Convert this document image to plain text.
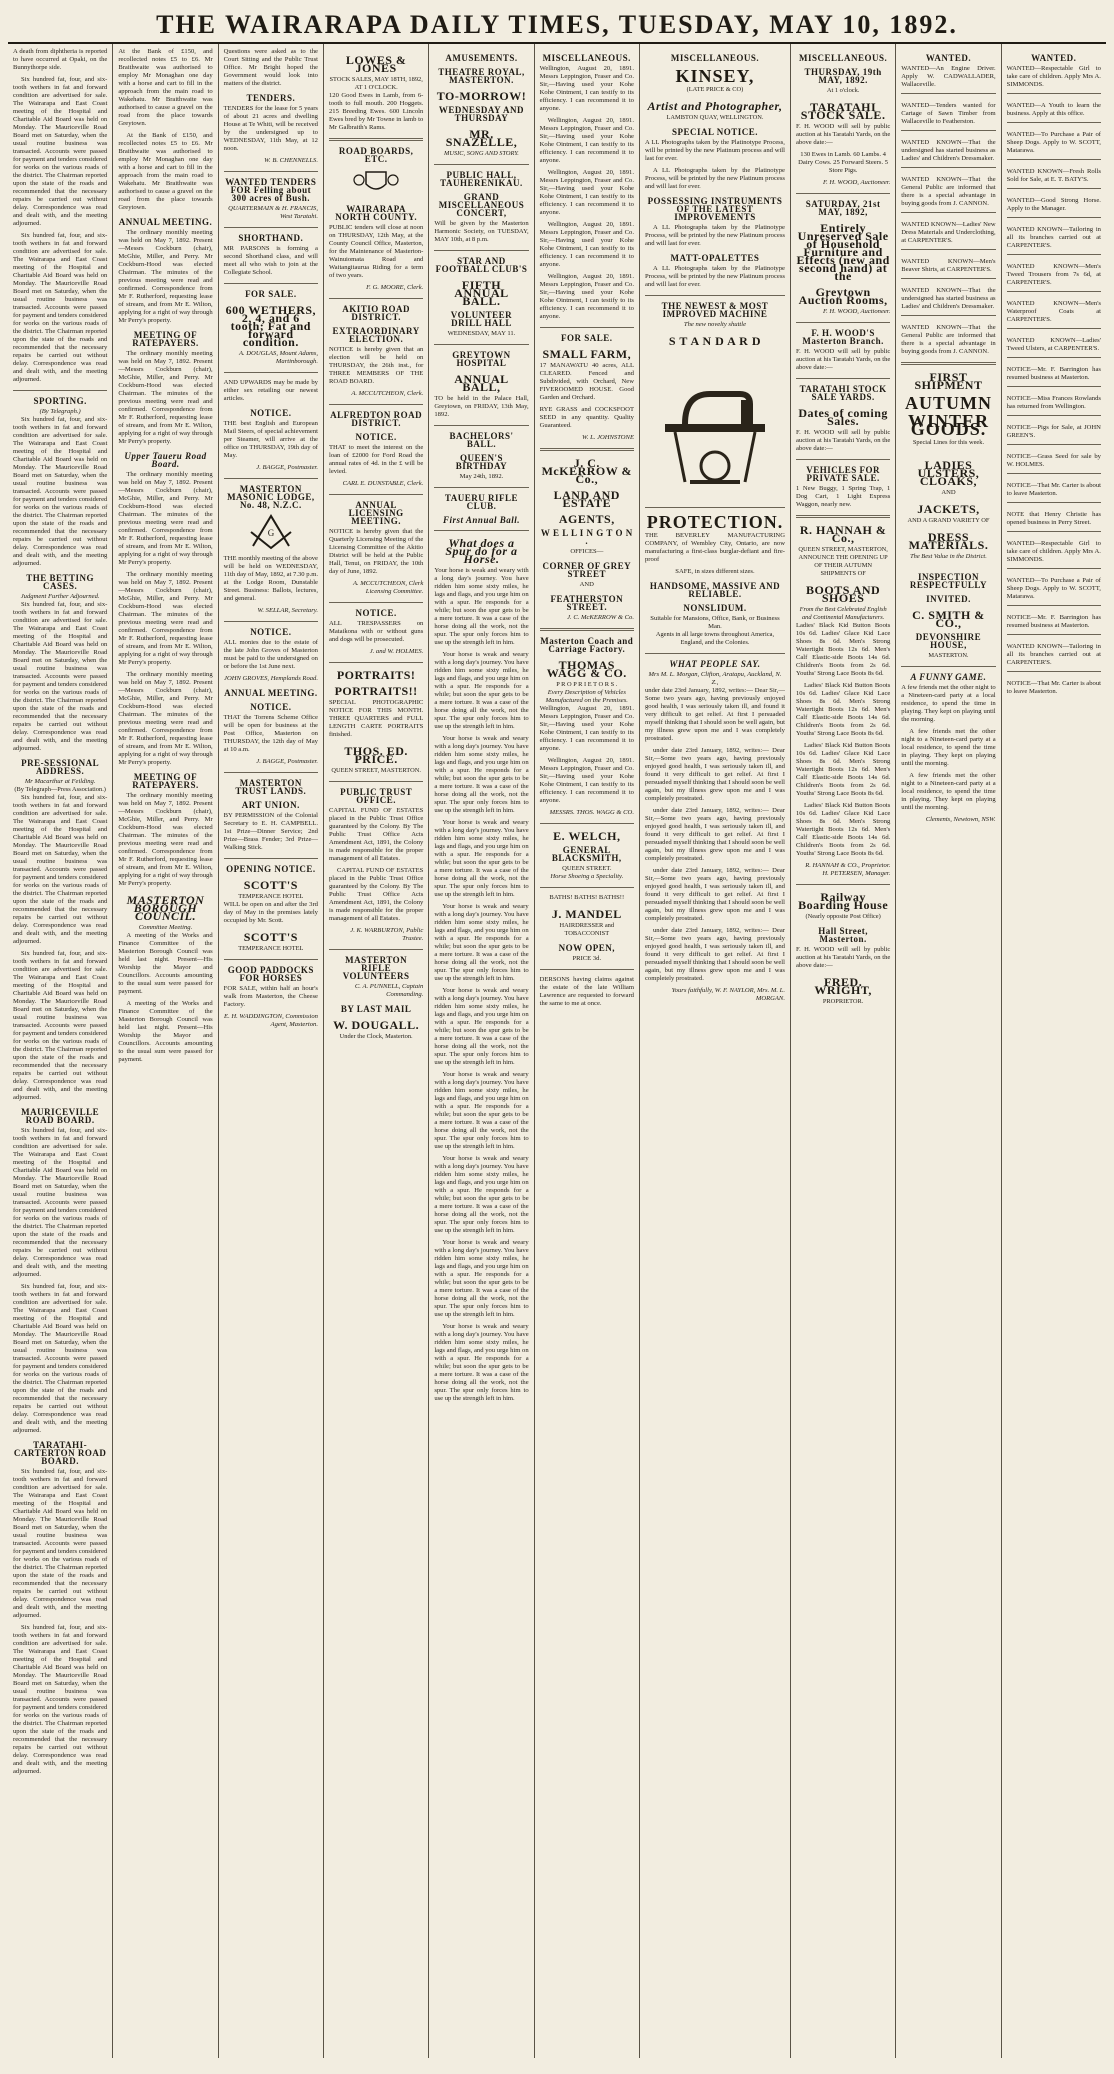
THE WAIRARAPA DAILY TIMES, TUESDAY, MAY 10, 1892.

A death from diphtheria is reported to have occurred at Opaki, on the Bunnythorpe side.

Six hundred fat, four, and six-tooth wethers in fat and forward condition are advertised for sale. The Wairarapa and East Coast meeting of the Hospital and Charitable Aid Board was held on Monday. The Mauriceville Road Board met on Saturday, when the usual routine business was transacted. Accounts were passed for payment and tenders considered for works on the various roads of the district. The Chairman reported upon the state of the roads and recommended that the necessary repairs be carried out without delay. Correspondence was read and dealt with, and the meeting adjourned.

Six hundred fat, four, and six-tooth wethers in fat and forward condition are advertised for sale. The Wairarapa and East Coast meeting of the Hospital and Charitable Aid Board was held on Monday. The Mauriceville Road Board met on Saturday, when the usual routine business was transacted. Accounts were passed for payment and tenders considered for works on the various roads of the district. The Chairman reported upon the state of the roads and recommended that the necessary repairs be carried out without delay. Correspondence was read and dealt with, and the meeting adjourned.

SPORTING.
(By Telegraph.)

Six hundred fat, four, and six-tooth wethers in fat and forward condition are advertised for sale. The Wairarapa and East Coast meeting of the Hospital and Charitable Aid Board was held on Monday. The Mauriceville Road Board met on Saturday, when the usual routine business was transacted. Accounts were passed for payment and tenders considered for works on the various roads of the district. The Chairman reported upon the state of the roads and recommended that the necessary repairs be carried out without delay. Correspondence was read and dealt with, and the meeting adjourned.

THE BETTING CASES.
Judgment Further Adjourned.

Six hundred fat, four, and six-tooth wethers in fat and forward condition are advertised for sale. The Wairarapa and East Coast meeting of the Hospital and Charitable Aid Board was held on Monday. The Mauriceville Road Board met on Saturday, when the usual routine business was transacted. Accounts were passed for payment and tenders considered for works on the various roads of the district. The Chairman reported upon the state of the roads and recommended that the necessary repairs be carried out without delay. Correspondence was read and dealt with, and the meeting adjourned.

PRE-SESSIONAL ADDRESS.
Mr Macarthur at Feilding.
(By Telegraph—Press Association.)

Six hundred fat, four, and six-tooth wethers in fat and forward condition are advertised for sale. The Wairarapa and East Coast meeting of the Hospital and Charitable Aid Board was held on Monday. The Mauriceville Road Board met on Saturday, when the usual routine business was transacted. Accounts were passed for payment and tenders considered for works on the various roads of the district. The Chairman reported upon the state of the roads and recommended that the necessary repairs be carried out without delay. Correspondence was read and dealt with, and the meeting adjourned.

Six hundred fat, four, and six-tooth wethers in fat and forward condition are advertised for sale. The Wairarapa and East Coast meeting of the Hospital and Charitable Aid Board was held on Monday. The Mauriceville Road Board met on Saturday, when the usual routine business was transacted. Accounts were passed for payment and tenders considered for works on the various roads of the district. The Chairman reported upon the state of the roads and recommended that the necessary repairs be carried out without delay. Correspondence was read and dealt with, and the meeting adjourned.

MAURICEVILLE ROAD BOARD.

Six hundred fat, four, and six-tooth wethers in fat and forward condition are advertised for sale. The Wairarapa and East Coast meeting of the Hospital and Charitable Aid Board was held on Monday. The Mauriceville Road Board met on Saturday, when the usual routine business was transacted. Accounts were passed for payment and tenders considered for works on the various roads of the district. The Chairman reported upon the state of the roads and recommended that the necessary repairs be carried out without delay. Correspondence was read and dealt with, and the meeting adjourned.

Six hundred fat, four, and six-tooth wethers in fat and forward condition are advertised for sale. The Wairarapa and East Coast meeting of the Hospital and Charitable Aid Board was held on Monday. The Mauriceville Road Board met on Saturday, when the usual routine business was transacted. Accounts were passed for payment and tenders considered for works on the various roads of the district. The Chairman reported upon the state of the roads and recommended that the necessary repairs be carried out without delay. Correspondence was read and dealt with, and the meeting adjourned.

TARATAHI-CARTERTON ROAD BOARD.

Six hundred fat, four, and six-tooth wethers in fat and forward condition are advertised for sale. The Wairarapa and East Coast meeting of the Hospital and Charitable Aid Board was held on Monday. The Mauriceville Road Board met on Saturday, when the usual routine business was transacted. Accounts were passed for payment and tenders considered for works on the various roads of the district. The Chairman reported upon the state of the roads and recommended that the necessary repairs be carried out without delay. Correspondence was read and dealt with, and the meeting adjourned.

Six hundred fat, four, and six-tooth wethers in fat and forward condition are advertised for sale. The Wairarapa and East Coast meeting of the Hospital and Charitable Aid Board was held on Monday. The Mauriceville Road Board met on Saturday, when the usual routine business was transacted. Accounts were passed for payment and tenders considered for works on the various roads of the district. The Chairman reported upon the state of the roads and recommended that the necessary repairs be carried out without delay. Correspondence was read and dealt with, and the meeting adjourned.

At the Bank of £150, and recollected notes £5 to £6. Mr Braithwaite was authorised to employ Mr Monaghan one day with a horse and cart to fill in the approach from the main road to Wakehatu. Mr Braithwaite was authorised to cause a gravel on the road from the place towards Greytown.

At the Bank of £150, and recollected notes £5 to £6. Mr Braithwaite was authorised to employ Mr Monaghan one day with a horse and cart to fill in the approach from the main road to Wakehatu. Mr Braithwaite was authorised to cause a gravel on the road from the place towards Greytown.

ANNUAL MEETING.

The ordinary monthly meeting was held on May 7, 1892. Present—Messrs Cockburn (chair), McGhie, Miller, and Perry. Mr Cockburn-Hood was elected Chairman. The minutes of the previous meeting were read and confirmed. Correspondence from Mr F. Rutherford, requesting lease of stream, and from Mr E. Wilton, applying for a right of way through Mr Perry's property.

MEETING OF RATEPAYERS.

The ordinary monthly meeting was held on May 7, 1892. Present—Messrs Cockburn (chair), McGhie, Miller, and Perry. Mr Cockburn-Hood was elected Chairman. The minutes of the previous meeting were read and confirmed. Correspondence from Mr F. Rutherford, requesting lease of stream, and from Mr E. Wilton, applying for a right of way through Mr Perry's property.

Upper Taueru Road Board.

The ordinary monthly meeting was held on May 7, 1892. Present—Messrs Cockburn (chair), McGhie, Miller, and Perry. Mr Cockburn-Hood was elected Chairman. The minutes of the previous meeting were read and confirmed. Correspondence from Mr F. Rutherford, requesting lease of stream, and from Mr E. Wilton, applying for a right of way through Mr Perry's property.

The ordinary monthly meeting was held on May 7, 1892. Present—Messrs Cockburn (chair), McGhie, Miller, and Perry. Mr Cockburn-Hood was elected Chairman. The minutes of the previous meeting were read and confirmed. Correspondence from Mr F. Rutherford, requesting lease of stream, and from Mr E. Wilton, applying for a right of way through Mr Perry's property.

The ordinary monthly meeting was held on May 7, 1892. Present—Messrs Cockburn (chair), McGhie, Miller, and Perry. Mr Cockburn-Hood was elected Chairman. The minutes of the previous meeting were read and confirmed. Correspondence from Mr F. Rutherford, requesting lease of stream, and from Mr E. Wilton, applying for a right of way through Mr Perry's property.

MEETING OF RATEPAYERS.

The ordinary monthly meeting was held on May 7, 1892. Present—Messrs Cockburn (chair), McGhie, Miller, and Perry. Mr Cockburn-Hood was elected Chairman. The minutes of the previous meeting were read and confirmed. Correspondence from Mr F. Rutherford, requesting lease of stream, and from Mr E. Wilton, applying for a right of way through Mr Perry's property.

MASTERTON BOROUGH COUNCIL.
Committee Meeting.

A meeting of the Works and Finance Committee of the Masterton Borough Council was held last night. Present—His Worship the Mayor and Councillors. Accounts amounting to the usual sum were passed for payment.

A meeting of the Works and Finance Committee of the Masterton Borough Council was held last night. Present—His Worship the Mayor and Councillors. Accounts amounting to the usual sum were passed for payment.

Questions were asked as to the Court Sitting and the Public Trust Office. Mr Bright hoped the Government would look into matters of the district.

TENDERS.

TENDERS for the lease for 5 years of about 21 acres and dwelling House at Te Whiti, will be received by the undersigned up to WEDNESDAY, 11th May, at 12 noon.

W. B. CHENNELLS.
WANTED TENDERS FOR Felling about 300 acres of Bush.
QUARTERMAIN & H. FRANCIS, West Taratahi.
SHORTHAND.

MR PARSONS is forming a second Shorthand class, and will meet all who wish to join at the Collegiate School.

FOR SALE.
600 WETHERS, 2, 4, and 6 tooth; Fat and forward condition.
A. DOUGLAS, Mount Adams, Martinborough.

AND UPWARDS may be made by either sex retailing our newest articles.

NOTICE.

THE best English and European Mail Steers, of special achievement per Steamer, will arrive at the office on THURSDAY, 19th day of May.

J. BAGGE, Postmaster.
MASTERTON MASONIC LODGE, No. 48, N.Z.C.
G

THE monthly meeting of the above will be held on WEDNESDAY, 11th day of May, 1892, at 7.30 p.m. at the Lodge Room, Dunstable Street. Business: Ballots, lectures, and general.

W. SELLAR, Secretary.
NOTICE.

ALL monies due to the estate of the late John Groves of Masterton must be paid to the undersigned on or before the 1st June next.

JOHN GROVES, Hemplands Road.
ANNUAL MEETING.
NOTICE.

THAT the Torrens Scheme Office will be open for business at the Post Office, Masterton on THURSDAY, the 12th day of May at 10 a.m.

J. BAGGE, Postmaster.
MASTERTON TRUST LANDS.
ART UNION.

BY PERMISSION of the Colonial Secretary to E. H. CAMPBELL. 1st Prize—Dinner Service; 2nd Prize—Brass Fender; 3rd Prize—Walking Stick.

OPENING NOTICE.
SCOTT'S
TEMPERANCE HOTEL

WILL be open on and after the 3rd day of May in the premises lately occupied by Mr. Scott.

SCOTT'S
TEMPERANCE HOTEL
GOOD PADDOCKS FOR HORSES

FOR SALE, within half an hour's walk from Masterton, the Cheese Factory.

E. H. WADDINGTON, Commission Agent, Masterton.
LOWES & JONES
STOCK SALES, MAY 18TH, 1892, AT 1 O'CLOCK.

120 Good Ewes in Lamb, from 6-tooth to full mouth. 200 Hoggets. 215 Breeding Ewes. 600 Lincoln Ewes bred by Mr Towne in lamb to Mr Galbraith's Rams.

ROAD BOARDS, ETC.
WAIRARAPA NORTH COUNTY.

PUBLIC tenders will close at noon on THURSDAY, 12th May, at the County Council Office, Masterton, for the Maintenance of Masterton-Wainuiomata Road and Waitangitaurua Riding for a term of two years.

F. G. MOORE, Clerk.
AKITIO ROAD DISTRICT.
EXTRAORDINARY ELECTION.

NOTICE is hereby given that an election will be held on THURSDAY, the 26th inst., for THREE MEMBERS OF THE ROAD BOARD.

A. MCCUTCHEON, Clerk.
ALFREDTON ROAD DISTRICT.
NOTICE.

THAT to meet the interest on the loan of £2000 for Ford Road the annual rates of 4d. in the £ will be levied.

CARL E. DUNSTABLE, Clerk.
ANNUAL LICENSING MEETING.

NOTICE is hereby given that the Quarterly Licensing Meeting of the Licensing Committee of the Akitio District will be held at the Public Hall, Tenui, on FRIDAY, the 10th day of June, 1892.

A. MCCUTCHEON, Clerk Licensing Committee.
NOTICE.

ALL TRESPASSERS on Mataikona with or without guns and dogs will be prosecuted.

J. and W. HOLMES.
PORTRAITS!
PORTRAITS!!

SPECIAL PHOTOGRAPHIC NOTICE FOR THIS MONTH. THREE QUARTERS and FULL LENGTH CARTE PORTRAITS finished.

THOS. ED. PRICE.
QUEEN STREET, MASTERTON.
PUBLIC TRUST OFFICE.

CAPITAL FUND OF ESTATES placed in the Public Trust Office guaranteed by the Colony. By The Public Trust Office Acts Amendment Act, 1891, the Colony is made responsible for the proper management of all Estates.

CAPITAL FUND OF ESTATES placed in the Public Trust Office guaranteed by the Colony. By The Public Trust Office Acts Amendment Act, 1891, the Colony is made responsible for the proper management of all Estates.

J. K. WARBURTON, Public Trustee.
MASTERTON RIFLE VOLUNTEERS
C. A. PUNNELL, Captain Commanding.
BY LAST MAIL
W. DOUGALL.
Under the Clock, Masterton.
AMUSEMENTS.
THEATRE ROYAL, MASTERTON.
TO-MORROW!
WEDNESDAY AND THURSDAY
MR. SNAZELLE,
MUSIC, SONG AND STORY.
PUBLIC HALL, TAUHERENIKAU.
GRAND MISCELLANEOUS CONCERT,

Will be given by the Masterton Harmonic Society, on TUESDAY, MAY 10th, at 8 p.m.

STAR AND FOOTBALL CLUB'S
FIFTH ANNUAL BALL.
VOLUNTEER DRILL HALL
WEDNESDAY, MAY 11.
GREYTOWN HOSPITAL
ANNUAL BALL,

TO be held in the Palace Hall, Greytown, on FRIDAY, 13th May, 1892.

BACHELORS' BALL.
QUEEN'S BIRTHDAY
May 24th, 1892.
TAUERU RIFLE CLUB.
First Annual Ball.
What does a Spur do for a Horse.

Your horse is weak and weary with a long day's journey. You have ridden him some sixty miles, he lags and flags, and you urge him on with a spur. He responds for a while; but soon the spur gets to be a mere torture. It was a case of the horse doing all the work, not the spur. The spur only forces him to use up the strength left in him.

Your horse is weak and weary with a long day's journey. You have ridden him some sixty miles, he lags and flags, and you urge him on with a spur. He responds for a while; but soon the spur gets to be a mere torture. It was a case of the horse doing all the work, not the spur. The spur only forces him to use up the strength left in him.

Your horse is weak and weary with a long day's journey. You have ridden him some sixty miles, he lags and flags, and you urge him on with a spur. He responds for a while; but soon the spur gets to be a mere torture. It was a case of the horse doing all the work, not the spur. The spur only forces him to use up the strength left in him.

Your horse is weak and weary with a long day's journey. You have ridden him some sixty miles, he lags and flags, and you urge him on with a spur. He responds for a while; but soon the spur gets to be a mere torture. It was a case of the horse doing all the work, not the spur. The spur only forces him to use up the strength left in him.

Your horse is weak and weary with a long day's journey. You have ridden him some sixty miles, he lags and flags, and you urge him on with a spur. He responds for a while; but soon the spur gets to be a mere torture. It was a case of the horse doing all the work, not the spur. The spur only forces him to use up the strength left in him.

Your horse is weak and weary with a long day's journey. You have ridden him some sixty miles, he lags and flags, and you urge him on with a spur. He responds for a while; but soon the spur gets to be a mere torture. It was a case of the horse doing all the work, not the spur. The spur only forces him to use up the strength left in him.

Your horse is weak and weary with a long day's journey. You have ridden him some sixty miles, he lags and flags, and you urge him on with a spur. He responds for a while; but soon the spur gets to be a mere torture. It was a case of the horse doing all the work, not the spur. The spur only forces him to use up the strength left in him.

Your horse is weak and weary with a long day's journey. You have ridden him some sixty miles, he lags and flags, and you urge him on with a spur. He responds for a while; but soon the spur gets to be a mere torture. It was a case of the horse doing all the work, not the spur. The spur only forces him to use up the strength left in him.

Your horse is weak and weary with a long day's journey. You have ridden him some sixty miles, he lags and flags, and you urge him on with a spur. He responds for a while; but soon the spur gets to be a mere torture. It was a case of the horse doing all the work, not the spur. The spur only forces him to use up the strength left in him.

Your horse is weak and weary with a long day's journey. You have ridden him some sixty miles, he lags and flags, and you urge him on with a spur. He responds for a while; but soon the spur gets to be a mere torture. It was a case of the horse doing all the work, not the spur. The spur only forces him to use up the strength left in him.

MISCELLANEOUS.

Wellington, August 20, 1891. Messrs Leppington, Fraser and Co. Sir,—Having used your Kohe Kohe Ointment, I can testify to its efficiency. I can recommend it to anyone.

Wellington, August 20, 1891. Messrs Leppington, Fraser and Co. Sir,—Having used your Kohe Kohe Ointment, I can testify to its efficiency. I can recommend it to anyone.

Wellington, August 20, 1891. Messrs Leppington, Fraser and Co. Sir,—Having used your Kohe Kohe Ointment, I can testify to its efficiency. I can recommend it to anyone.

Wellington, August 20, 1891. Messrs Leppington, Fraser and Co. Sir,—Having used your Kohe Kohe Ointment, I can testify to its efficiency. I can recommend it to anyone.

Wellington, August 20, 1891. Messrs Leppington, Fraser and Co. Sir,—Having used your Kohe Kohe Ointment, I can testify to its efficiency. I can recommend it to anyone.

FOR SALE.
SMALL FARM,

17 MANAWATU 40 acres, ALL CLEARED. Fenced and Subdivided, with Orchard, New FIVEROOMED HOUSE. Good Garden and Orchard.

RYE GRASS and COCKSFOOT SEED in any quantity. Quality Guaranteed.

W. L. JOHNSTONE
J. C. McKERROW & Co.,
LAND AND ESTATE
AGENTS,
W E L L I N G T O N .
OFFICES—
CORNER OF GREY STREET
AND
FEATHERSTON STREET.
J. C. McKERROW & Co.
Masterton Coach and Carriage Factory.
THOMAS WAGG & CO.
P R O P R I E T O R S .
Every Description of Vehicles Manufactured on the Premises.

Wellington, August 20, 1891. Messrs Leppington, Fraser and Co. Sir,—Having used your Kohe Kohe Ointment, I can testify to its efficiency. I can recommend it to anyone.

Wellington, August 20, 1891. Messrs Leppington, Fraser and Co. Sir,—Having used your Kohe Kohe Ointment, I can testify to its efficiency. I can recommend it to anyone.

MESSRS. THOS. WAGG & CO.
E. WELCH,
GENERAL BLACKSMITH,
QUEEN STREET.
Horse Shoeing a Speciality.
BATHS! BATHS! BATHS!!
J. MANDEL
HAIRDRESSER and TOBACCONIST
NOW OPEN,
PRICE 3d.

DERSONS having claims against the estate of the late William Lawrence are requested to forward the same to me at once.

MISCELLANEOUS.
KINSEY,
(LATE PRICE & CO)
Artist and Photographer,
LAMBTON QUAY, WELLINGTON.
SPECIAL NOTICE.

A LL Photographs taken by the Platinotype Process, will be printed by the new Platinum process and will last for ever.

A LL Photographs taken by the Platinotype Process, will be printed by the new Platinum process and will last for ever.

POSSESSING INSTRUMENTS OF THE LATEST IMPROVEMENTS

A LL Photographs taken by the Platinotype Process, will be printed by the new Platinum process and will last for ever.

MATT-OPALETTES

A LL Photographs taken by the Platinotype Process, will be printed by the new Platinum process and will last for ever.

THE NEWEST & MOST IMPROVED MACHINE
The new novelty shuttle
S T A N D A R D
PROTECTION.

THE BEVERLEY MANUFACTURING COMPANY, of Wembley City, Ontario, are now manufacturing a first-class burglar-defiant and fire-proof

SAFE, in sizes different sizes.
HANDSOME, MASSIVE AND RELIABLE.
NONSLIDUM.
Suitable for Mansions, Office, Bank, or Business Man.
Agents in all large towns throughout America, England, and the Colonies.
WHAT PEOPLE SAY.
Mrs M. L. Morgan, Clifton, Aratapu, Auckland, N. Z.,

under date 23rd January, 1892, writes:— Dear Sir,—Some two years ago, having previously enjoyed good health, I was seriously taken ill, and found it very difficult to get relief. At first I persuaded myself thinking that I should soon be well again, but my illness grew upon me and I was completely prostrated.

under date 23rd January, 1892, writes:— Dear Sir,—Some two years ago, having previously enjoyed good health, I was seriously taken ill, and found it very difficult to get relief. At first I persuaded myself thinking that I should soon be well again, but my illness grew upon me and I was completely prostrated.

under date 23rd January, 1892, writes:— Dear Sir,—Some two years ago, having previously enjoyed good health, I was seriously taken ill, and found it very difficult to get relief. At first I persuaded myself thinking that I should soon be well again, but my illness grew upon me and I was completely prostrated.

under date 23rd January, 1892, writes:— Dear Sir,—Some two years ago, having previously enjoyed good health, I was seriously taken ill, and found it very difficult to get relief. At first I persuaded myself thinking that I should soon be well again, but my illness grew upon me and I was completely prostrated.

under date 23rd January, 1892, writes:— Dear Sir,—Some two years ago, having previously enjoyed good health, I was seriously taken ill, and found it very difficult to get relief. At first I persuaded myself thinking that I should soon be well again, but my illness grew upon me and I was completely prostrated.

Yours faithfully, W. F. NAYLOR, Mrs. M. L. MORGAN.
MISCELLANEOUS.
THURSDAY, 19th MAY, 1892.
At 1 o'clock.
TARATAHI STOCK SALE.

F. H. WOOD will sell by public auction at his Taratahi Yards, on the above date:—

130 Ewes in Lamb. 60 Lambs. 4 Dairy Cows. 25 Forward Steers. 5 Store Pigs.

F. H. WOOD, Auctioneer.
SATURDAY, 21st MAY, 1892,
Entirely Unreserved Sale of Household Furniture and Effects (new and second hand) at the
Greytown Auction Rooms,
F. H. WOOD, Auctioneer.
F. H. WOOD'S Masterton Branch.

F. H. WOOD will sell by public auction at his Taratahi Yards, on the above date:—

TARATAHI STOCK SALE YARDS.
Dates of coming Sales.

F. H. WOOD will sell by public auction at his Taratahi Yards, on the above date:—

VEHICLES FOR PRIVATE SALE.

1 New Buggy, 1 Spring Trap, 1 Dog Cart, 1 Light Express Waggon, nearly new.

R. HANNAH & Co.,
QUEEN STREET, MASTERTON,
ANNOUNCE THE OPENING UP OF THEIR AUTUMN SHIPMENTS OF
BOOTS AND SHOES
From the Best Celebrated English and Continental Manufacturers.

Ladies' Black Kid Button Boots 10s 6d. Ladies' Glace Kid Lace Shoes 8s 6d. Men's Strong Watertight Boots 12s 6d. Men's Calf Elastic-side Boots 14s 6d. Children's Boots from 2s 6d. Youths' Strong Lace Boots 8s 6d.

Ladies' Black Kid Button Boots 10s 6d. Ladies' Glace Kid Lace Shoes 8s 6d. Men's Strong Watertight Boots 12s 6d. Men's Calf Elastic-side Boots 14s 6d. Children's Boots from 2s 6d. Youths' Strong Lace Boots 8s 6d.

Ladies' Black Kid Button Boots 10s 6d. Ladies' Glace Kid Lace Shoes 8s 6d. Men's Strong Watertight Boots 12s 6d. Men's Calf Elastic-side Boots 14s 6d. Children's Boots from 2s 6d. Youths' Strong Lace Boots 8s 6d.

Ladies' Black Kid Button Boots 10s 6d. Ladies' Glace Kid Lace Shoes 8s 6d. Men's Strong Watertight Boots 12s 6d. Men's Calf Elastic-side Boots 14s 6d. Children's Boots from 2s 6d. Youths' Strong Lace Boots 8s 6d.

R. HANNAH & CO., Proprietor.
H. PETERSEN, Manager.
Railway Boarding House
(Nearly opposite Post Office)
Hall Street, Masterton.

F. H. WOOD will sell by public auction at his Taratahi Yards, on the above date:—

FRED. WRIGHT,
PROPRIETOR.
WANTED.

WANTED—An Engine Driver. Apply W. CADWALLADER, Wallaceville.

WANTED—Tenders wanted for Cartage of Sawn Timber from Wallaceville to Featherston.

WANTED KNOWN—That the undersigned has started business as Ladies' and Children's Dressmaker.

WANTED KNOWN—That the General Public are informed that there is a special advantage in buying goods from J. CANNON.

WANTED KNOWN—Ladies' New Dress Materials and Underclothing, at CARPENTER'S.

WANTED KNOWN—Men's Beaver Shirts, at CARPENTER'S.

WANTED KNOWN—That the undersigned has started business as Ladies' and Children's Dressmaker.

WANTED KNOWN—That the General Public are informed that there is a special advantage in buying goods from J. CANNON.

FIRST SHIPMENT
AUTUMN
WINTER GOODS.
Special Lines for this week.
LADIES ULSTERS, CLOAKS,
AND
JACKETS,
AND A GRAND VARIETY OF
DRESS MATERIALS.
The Best Value in the District.
INSPECTION RESPECTFULLY
INVITED.
C. SMITH & CO.,
DEVONSHIRE HOUSE,
MASTERTON.
A FUNNY GAME.

A few friends met the other night to a Nineteen-card party at a local residence, to spend the time in playing. They kept on playing until the morning.

A few friends met the other night to a Nineteen-card party at a local residence, to spend the time in playing. They kept on playing until the morning.

A few friends met the other night to a Nineteen-card party at a local residence, to spend the time in playing. They kept on playing until the morning.

Clements, Newtown, NSW.
WANTED.

WANTED—Respectable Girl to take care of children. Apply Mrs A. SIMMONDS.

WANTED—A Youth to learn the business. Apply at this office.

WANTED—To Purchase a Pair of Sheep Dogs. Apply to W. SCOTT, Matarawa.

WANTED KNOWN—Fresh Rolls Sold for Sale, at E. T. BATY'S.

WANTED—Good Strong Horse. Apply to the Manager.

WANTED KNOWN—Tailoring in all its branches carried out at CARPENTER'S.

WANTED KNOWN—Men's Tweed Trousers from 7s 6d, at CARPENTER'S.

WANTED KNOWN—Men's Waterproof Coats at CARPENTER'S.

WANTED KNOWN—Ladies' Tweed Ulsters, at CARPENTER'S.

NOTICE—Mr. F. Barrington has resumed business at Masterton.

NOTICE—Miss Frances Rowlands has returned from Wellington.

NOTICE—Pigs for Sale, at JOHN GREEN'S.

NOTICE—Grass Seed for sale by W. HOLMES.

NOTICE—That Mr. Carter is about to leave Masterton.

NOTE that Henry Christie has opened business in Perry Street.

WANTED—Respectable Girl to take care of children. Apply Mrs A. SIMMONDS.

WANTED—To Purchase a Pair of Sheep Dogs. Apply to W. SCOTT, Matarawa.

NOTICE—Mr. F. Barrington has resumed business at Masterton.

WANTED KNOWN—Tailoring in all its branches carried out at CARPENTER'S.

NOTICE—That Mr. Carter is about to leave Masterton.
